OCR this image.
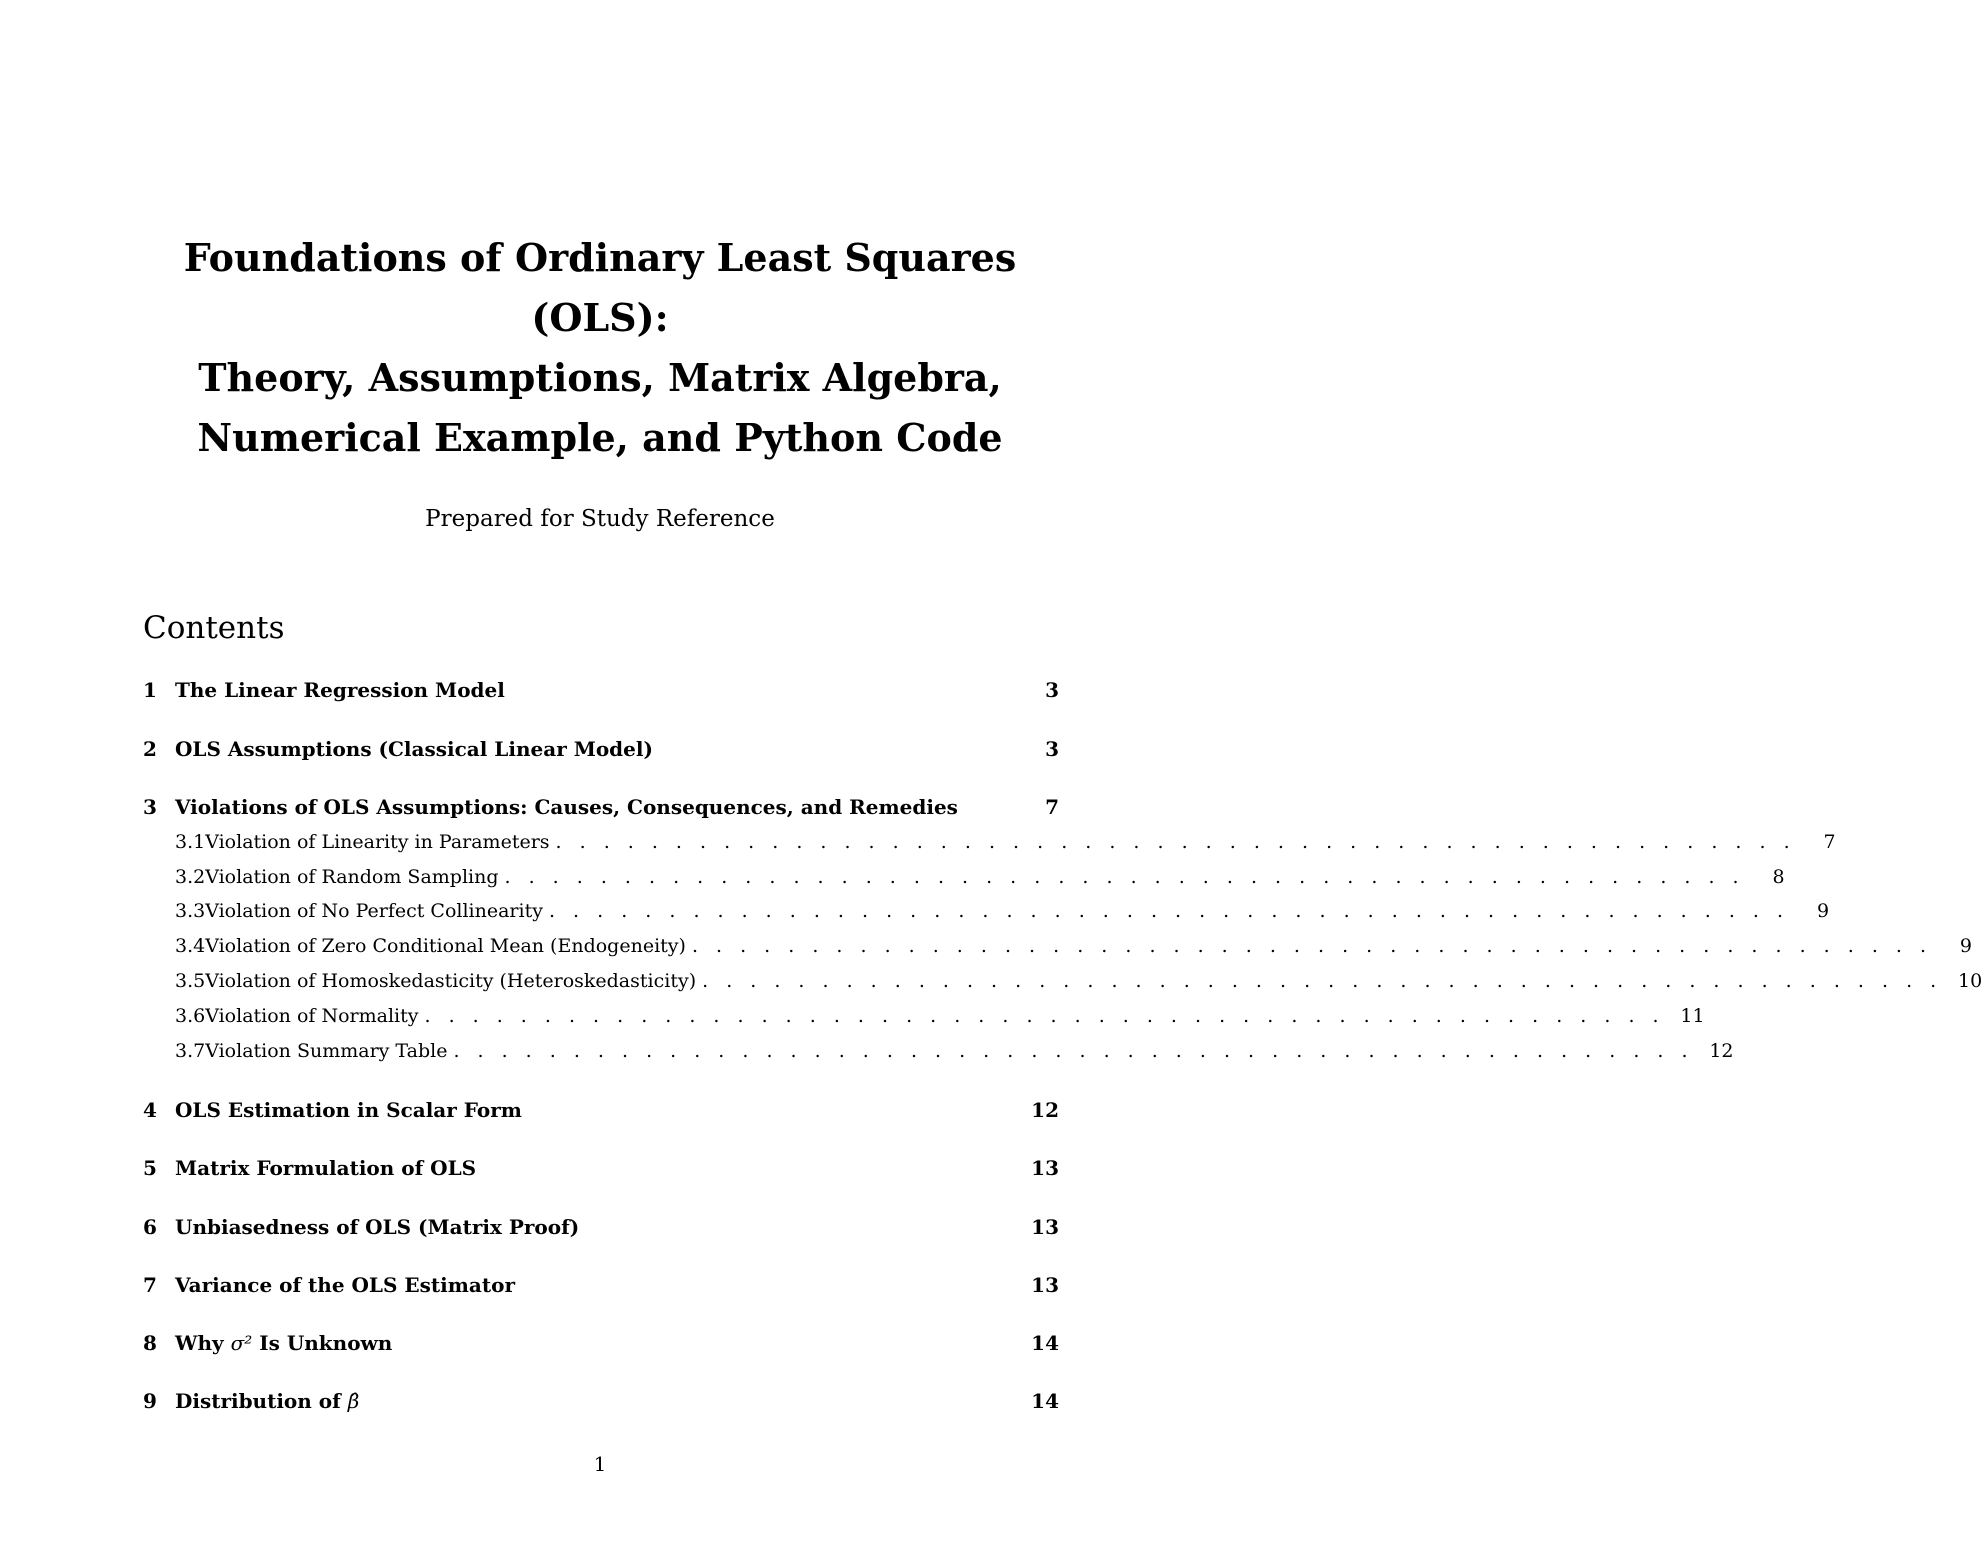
Foundations of Ordinary Least Squares
(OLS):
Theory, Assumptions, Matrix Algebra,
Numerical Example, and Python Code
Prepared for Study Reference
Contents
1 The Linear Regression Model	3
2 OLS Assumptions (Classical Linear Model)	3
3 Violations of OLS Assumptions: Causes, Consequences, and Remedies	7
3.1 Violation of Linearity in Parameters . . . . . . . . . . . . . . . . . . . . . . . . . . . . . . . . . . . . . . . . . . . . . . . . . . . .	7
3.2 Violation of Random Sampling . . . . . . . . . . . . . . . . . . . . . . . . . . . . . . . . . . . . . . . . . . . . . . . . . . . .	8
3.3 Violation of No Perfect Collinearity . . . . . . . . . . . . . . . . . . . . . . . . . . . . . . . . . . . . . . . . . . . . . . . . . . . .	9
3.4 Violation of Zero Conditional Mean (Endogeneity) . . . . . . . . . . . . . . . . . . . . . . . . . . . . . . . . . . . . . . . . . . . . . . . . . . . .	9
3.5 Violation of Homoskedasticity (Heteroskedasticity) . . . . . . . . . . . . . . . . . . . . . . . . . . . . . . . . . . . . . . . . . . . . . . . . . . . . 10
3.6 Violation of Normality . . . . . . . . . . . . . . . . . . . . . . . . . . . . . . . . . . . . . . . . . . . . . . . . . . . . 11
3.7 Violation Summary Table . . . . . . . . . . . . . . . . . . . . . . . . . . . . . . . . . . . . . . . . . . . . . . . . . . . . 12
4 OLS Estimation in Scalar Form	12
5 Matrix Formulation of OLS	13
6 Unbiasedness of OLS (Matrix Proof)	13
7 Variance of the OLS Estimator	13
8 Why σ² Is Unknown	14
9 Distribution of β̂	14
1
